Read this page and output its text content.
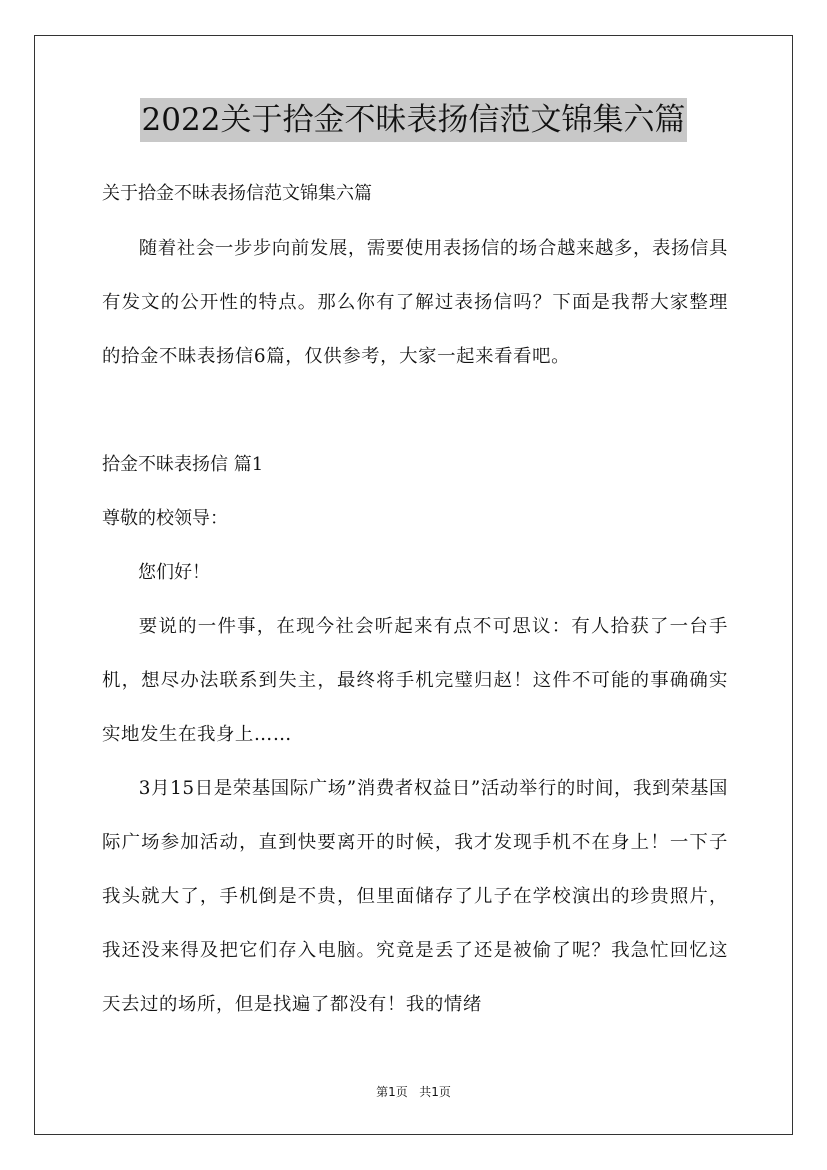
2022关于拾金不昧表扬信范文锦集六篇
关于拾金不昧表扬信范文锦集六篇
随着社会一步步向前发展，需要使用表扬信的场合越来越多，表扬信具有发文的公开性的特点。那么你有了解过表扬信吗？下面是我帮大家整理的拾金不昧表扬信6篇，仅供参考，大家一起来看看吧。
拾金不昧表扬信 篇1
尊敬的校领导：
您们好！
要说的一件事，在现今社会听起来有点不可思议：有人拾获了一台手机，想尽办法联系到失主，最终将手机完璧归赵！这件不可能的事确确实实地发生在我身上……
3月15日是荣基国际广场”消费者权益日”活动举行的时间，我到荣基国际广场参加活动，直到快要离开的时候，我才发现手机不在身上！一下子我头就大了，手机倒是不贵，但里面储存了儿子在学校演出的珍贵照片，我还没来得及把它们存入电脑。究竟是丢了还是被偷了呢？我急忙回忆这天去过的场所，但是找遍了都没有！我的情绪
第1页 共1页
